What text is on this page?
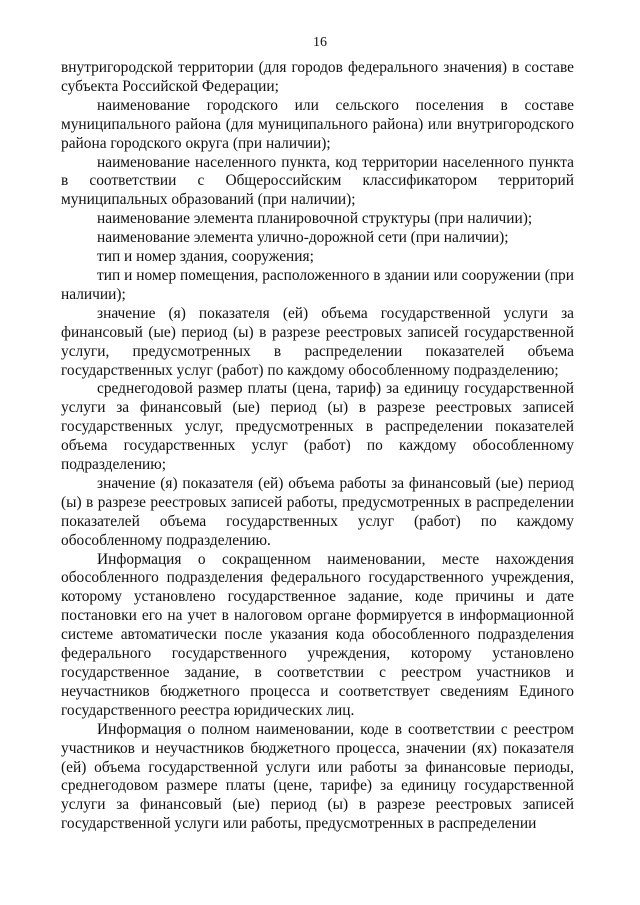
16

внутригородской территории (для городов федерального значения) в составе субъекта Российской Федерации;

наименование городского или сельского поселения в составе муниципального района (для муниципального района) или внутригородского района городского округа (при наличии);

наименование населенного пункта, код территории населенного пункта в соответствии с Общероссийским классификатором территорий муниципальных образований (при наличии);

наименование элемента планировочной структуры (при наличии);

наименование элемента улично-дорожной сети (при наличии);

тип и номер здания, сооружения;

тип и номер помещения, расположенного в здании или сооружении (при наличии);

значение (я) показателя (ей) объема государственной услуги за финансовый (ые) период (ы) в разрезе реестровых записей государственной услуги, предусмотренных в распределении показателей объема государственных услуг (работ) по каждому обособленному подразделению;

среднегодовой размер платы (цена, тариф) за единицу государственной услуги за финансовый (ые) период (ы) в разрезе реестровых записей государственных услуг, предусмотренных в распределении показателей объема государственных услуг (работ) по каждому обособленному подразделению;

значение (я) показателя (ей) объема работы за финансовый (ые) период (ы) в разрезе реестровых записей работы, предусмотренных в распределении показателей объема государственных услуг (работ) по каждому обособленному подразделению.

Информация о сокращенном наименовании, месте нахождения обособленного подразделения федерального государственного учреждения, которому установлено государственное задание, коде причины и дате постановки его на учет в налоговом органе формируется в информационной системе автоматически после указания кода обособленного подразделения федерального государственного учреждения, которому установлено государственное задание, в соответствии с реестром участников и неучастников бюджетного процесса и соответствует сведениям Единого государственного реестра юридических лиц.

Информация о полном наименовании, коде в соответствии с реестром участников и неучастников бюджетного процесса, значении (ях) показателя (ей) объема государственной услуги или работы за финансовые периоды, среднегодовом размере платы (цене, тарифе) за единицу государственной услуги за финансовый (ые) период (ы) в разрезе реестровых записей государственной услуги или работы, предусмотренных в распределении
